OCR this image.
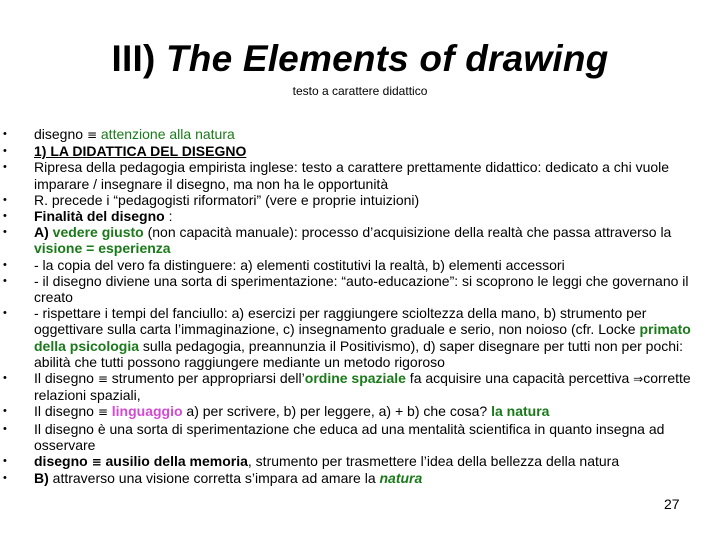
III) The Elements of drawing
testo a carattere didattico
• disegno ≡ attenzione alla natura
• 1) LA DIDATTICA DEL DISEGNO
• Ripresa della pedagogia empirista inglese: testo a carattere prettamente didattico: dedicato a chi vuole imparare / insegnare il disegno, ma non ha le opportunità
• R. precede i “pedagogisti riformatori” (vere e proprie intuizioni)
• Finalità del disegno :
• A) vedere giusto (non capacità manuale): processo d’acquisizione della realtà che passa attraverso la visione = esperienza
• - la copia del vero fa distinguere: a) elementi costitutivi la realtà, b) elementi accessori
• - il disegno diviene una sorta di sperimentazione: “auto-educazione”: si scoprono le leggi che governano il creato
• - rispettare i tempi del fanciullo: a) esercizi per raggiungere scioltezza della mano, b) strumento per oggettivare sulla carta l’immaginazione, c) insegnamento graduale e serio, non noioso (cfr. Locke primato della psicologia sulla pedagogia, preannunzia il Positivismo), d) saper disegnare per tutti non per pochi: abilità che tutti possono raggiungere mediante un metodo rigoroso
• Il disegno ≡ strumento per appropriarsi dell’ordine spaziale fa acquisire una capacità percettiva ⇒corrette relazioni spaziali,
• Il disegno ≡ linguaggio a) per scrivere, b) per leggere, a) + b) che cosa? la natura
• Il disegno è una sorta di sperimentazione che educa ad una mentalità scientifica in quanto insegna ad osservare
• disegno ≡ ausilio della memoria, strumento per trasmettere l’idea della bellezza della natura
• B) attraverso una visione corretta s’impara ad amare la natura
27
